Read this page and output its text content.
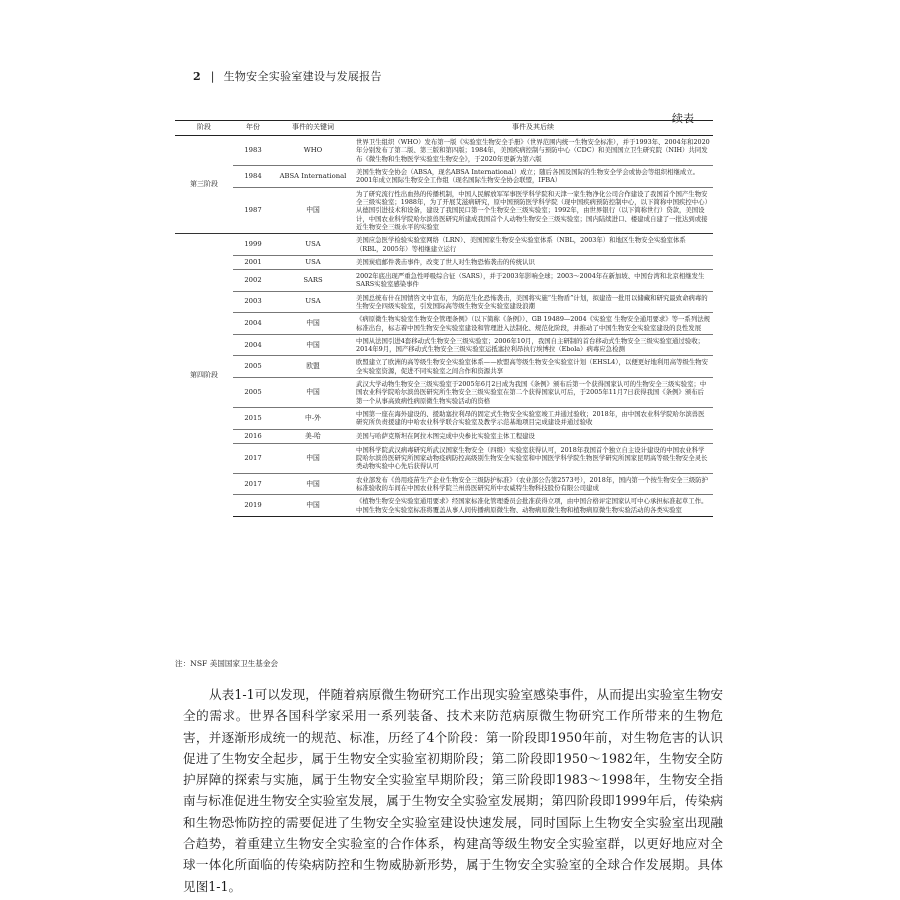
2 | 生物安全实验室建设与发展报告
续表
阶段	年份	事件的关键词	事件及其后续
第三阶段	1983	WHO	世界卫生组织（WHO）发布第一版《实验室生物安全手册》（世界范围内统一生物安全标准），并于1993年、2004年和2020年分别发布了第二版、第三版和第四版；1984年，美国疾病控制与预防中心（CDC）和美国国立卫生研究院（NIH）共同发布《微生物和生物医学实验室生物安全》，于2020年更新为第六版
	1984	ABSA International	美国生物安全协会（ABSA，现名ABSA International）成立；随后各国及国际的生物安全学会或协会等组织相继成立。2001年成立国际生物安全工作组（现名国际生物安全协会联盟，IFBA）
	1987	中国	为了研究流行性出血热的传播机制，中国人民解放军军事医学科学院和天津一家生物净化公司合作建设了我国首个国产生物安全三级实验室；1988年，为了开展艾滋病研究，原中国预防医学科学院（现中国疾病预防控制中心，以下简称中国疾控中心）从德国引进技术和设备，建设了我国民口第一个生物安全三级实验室；1992年，由世界银行（以下简称世行）贷款，美国设计，中国农业科学院哈尔滨兽医研究所建成我国首个人动物生物安全三级实验室；国内陆续进口、楼建成自建了一批达到或接近生物安全三级水平的实验室
第四阶段	1999	USA	美国应急医学检验实验室网络（LRN）、美国国家生物安全实验室体系（NBL，2003年）和地区生物安全实验室体系（RBL，2005年）等相继建立运行
	2001	USA	美国炭疽邮件袭击事件，改变了世人对生物恐怖袭击的传统认识
	2002	SARS	2002年底出现严重急性呼吸综合征（SARS），并于2003年影响全球；2003～2004年在新加坡、中国台湾和北京相继发生SARS实验室感染事件
	2003	USA	美国总统布什在国情咨文中宣布，为防范生化恐怖袭击，美国将实施“生物盾”计划，拟建造一批用以储藏和研究最致命病毒的生物安全四级实验室，引发国际高等级生物安全实验室建设浪潮
	2004	中国	《病原微生物实验室生物安全管理条例》（以下简称《条例》）、GB 19489—2004《实验室 生物安全通用要求》等一系列法规标准出台，标志着中国生物安全实验室建设和管理进入法制化、规范化阶段，并推动了中国生物安全实验室建设的良性发展
	2004	中国	中国从法国引进4套移动式生物安全三级实验室；2006年10月，我国自主研制的首台移动式生物安全三级实验室通过验收；2014年9月，国产移动式生物安全三级实验室运抵塞拉利昂执行埃博拉（Ebola）病毒应急检测
	2005	欧盟	欧盟建立了欧洲的高等级生物安全实验室体系——欧盟高等级生物安全实验室计划（EHSL4），以便更好地利用高等级生物安全实验室资源，促进不同实验室之间合作和资源共享
	2005	中国	武汉大学动物生物安全三级实验室于2005年6月2日成为我国《条例》颁布后第一个获得国家认可的生物安全三级实验室；中国农业科学院哈尔滨兽医研究所生物安全三级实验室在第二个获得国家认可后，于2005年11月7日获得我国《条例》颁布后第一个从事高致病性病原微生物实验活动的资格
	2015	中-外	中国第一座在海外建设的、援助塞拉利昂的固定式生物安全实验室竣工并通过验收；2018年，由中国农业科学院哈尔滨兽医研究所负责援建的中哈农业科学联合实验室及教学示范基地项目完成建设并通过验收
	2016	美-哈	美国与哈萨克斯坦在阿拉木图完成中央参比实验室主体工程建设
	2017	中国	中国科学院武汉病毒研究所武汉国家生物安全（四级）实验室获得认可，2018年我国首个独立自主设计建设的中国农业科学院哈尔滨兽医研究所国家动物疫病防控高级别生物安全实验室和中国医学科学院生物医学研究所国家昆明高等级生物安全灵长类动物实验中心先后获得认可
	2017	中国	农业部发布《兽用疫苗生产企业生物安全三级防护标准》（农业部公告第2573号），2018年，国内第一个按生物安全三级防护标准验收的车间在中国农业科学院兰州兽医研究所中农威特生物科技股份有限公司建成
	2019	中国	《植物生物安全实验室通用要求》经国家标准化管理委员会批准获得立项，由中国合格评定国家认可中心承担标准起草工作。中国生物安全实验室标准将覆盖从事人间传播病原微生物、动物病原微生物和植物病原微生物实验活动的各类实验室
注：NSF 美国国家卫生基金会

从表1-1可以发现，伴随着病原微生物研究工作出现实验室感染事件，从而提出实验室生物安全的需求。世界各国科学家采用一系列装备、技术来防范病原微生物研究工作所带来的生物危害，并逐渐形成统一的规范、标准，历经了4个阶段：第一阶段即1950年前，对生物危害的认识促进了生物安全起步，属于生物安全实验室初期阶段；第二阶段即1950～1982年，生物安全防护屏障的探索与实施，属于生物安全实验室早期阶段；第三阶段即1983～1998年，生物安全指南与标准促进生物安全实验室发展，属于生物安全实验室发展期；第四阶段即1999年后，传染病和生物恐怖防控的需要促进了生物安全实验室建设快速发展，同时国际上生物安全实验室出现融合趋势，着重建立生物安全实验室的合作体系，构建高等级生物安全实验室群，以更好地应对全球一体化所面临的传染病防控和生物威胁新形势，属于生物安全实验室的全球合作发展期。具体见图1-1。
